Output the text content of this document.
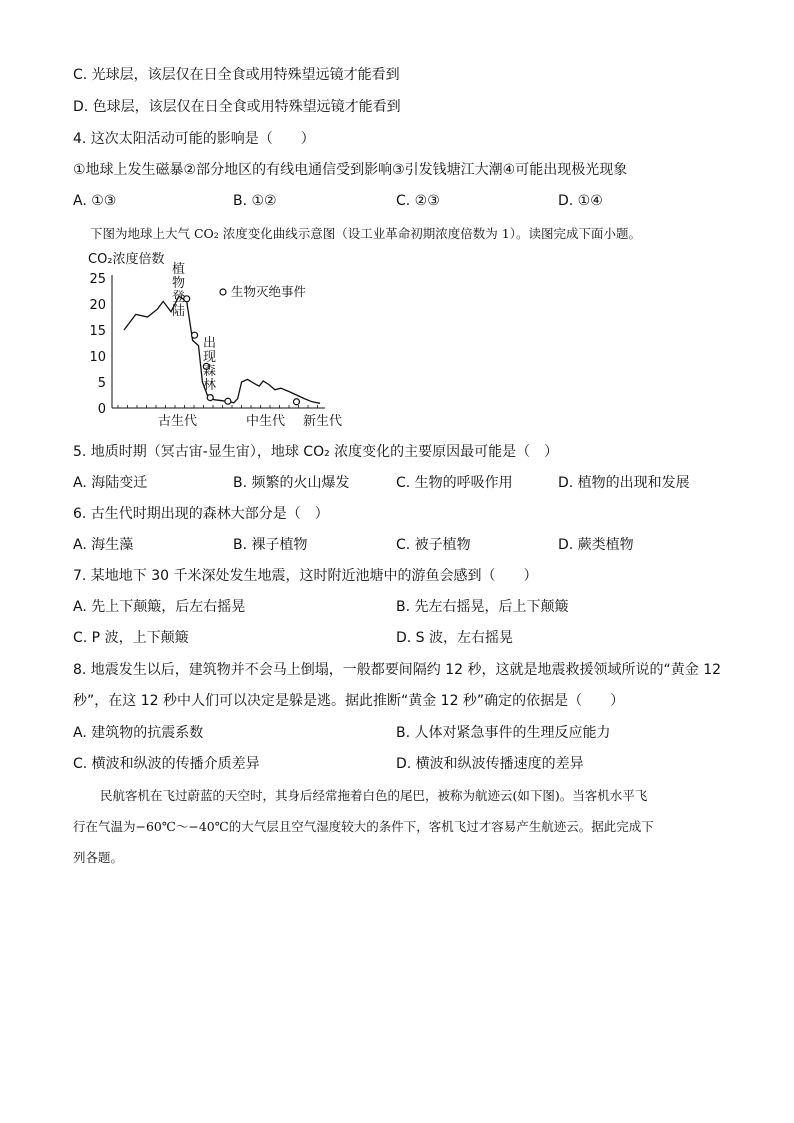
C. 光球层，该层仅在日全食或用特殊望远镜才能看到
D. 色球层，该层仅在日全食或用特殊望远镜才能看到
4. 这次太阳活动可能的影响是（　　）
①地球上发生磁暴②部分地区的有线电通信受到影响③引发钱塘江大潮④可能出现极光现象
A. ①③	B. ①②	C. ②③	D. ①④
下图为地球上大气 CO₂ 浓度变化曲线示意图（设工业革命初期浓度倍数为 1）。读图完成下面小题。
CO₂浓度倍数
0
5
10
15
20
25
古生代	中生代 新生代
生物灭绝事件
植
物
登
陆
出
现
森
林
5. 地质时期（冥古宙-显生宙），地球 CO₂ 浓度变化的主要原因最可能是（　）
A. 海陆变迁	B. 频繁的火山爆发	C. 生物的呼吸作用	D. 植物的出现和发展
6. 古生代时期出现的森林大部分是（　）
A. 海生藻	B. 裸子植物	C. 被子植物	D. 蕨类植物
7. 某地地下 30 千米深处发生地震，这时附近池塘中的游鱼会感到（　　）
A. 先上下颠簸，后左右摇晃	B. 先左右摇晃，后上下颠簸
C. P 波，上下颠簸	D. S 波，左右摇晃
8. 地震发生以后，建筑物并不会马上倒塌，一般都要间隔约 12 秒，这就是地震救援领域所说的“黄金 12
秒”，在这 12 秒中人们可以决定是躲是逃。据此推断“黄金 12 秒”确定的依据是（　　）
A. 建筑物的抗震系数	B. 人体对紧急事件的生理反应能力
C. 横波和纵波的传播介质差异	D. 横波和纵波传播速度的差异
民航客机在飞过蔚蓝的天空时，其身后经常拖着白色的尾巴，被称为航迹云(如下图)。当客机水平飞
行在气温为−60℃～−40℃的大气层且空气湿度较大的条件下，客机飞过才容易产生航迹云。据此完成下
列各题。
